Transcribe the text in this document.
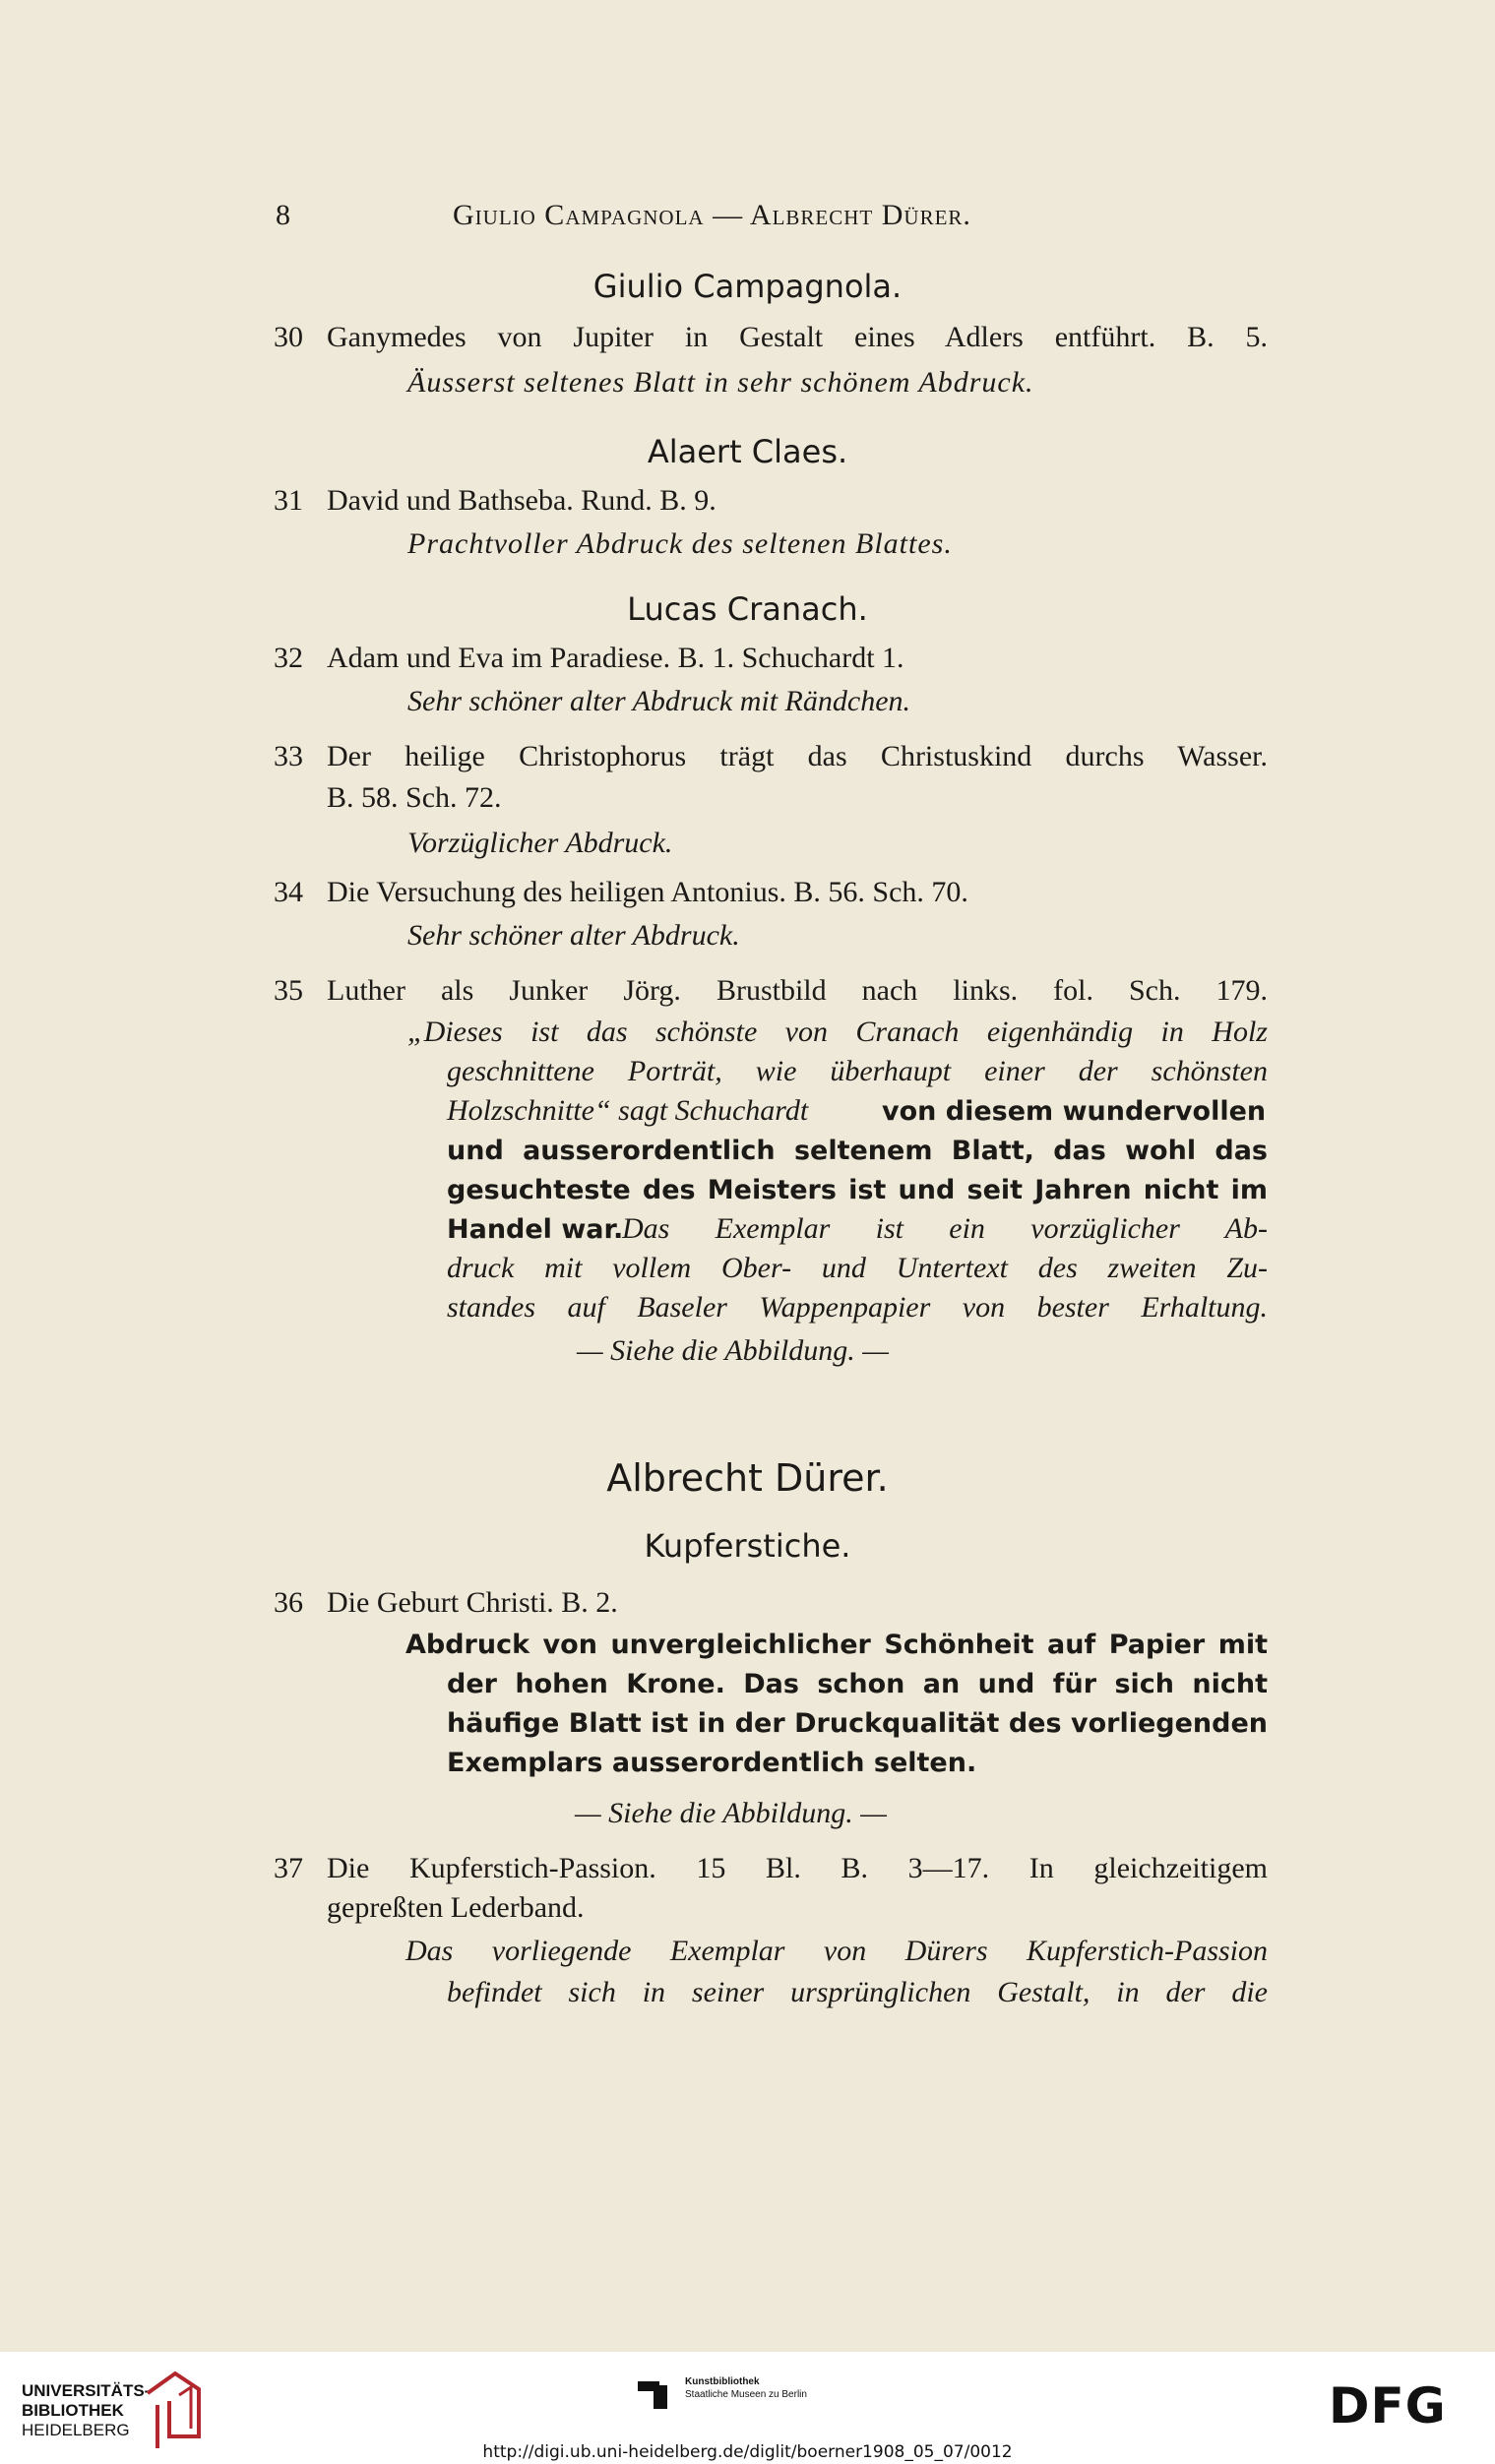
8	Giulio Campagnola — Albrecht Dürer.
Giulio Campagnola.
30 Ganymedes von Jupiter in Gestalt eines Adlers entführt. B. 5.
Äusserst seltenes Blatt in sehr schönem Abdruck.
Alaert Claes.
31 David und Bathseba. Rund. B. 9.
Prachtvoller Abdruck des seltenen Blattes.
Lucas Cranach.
32 Adam und Eva im Paradiese. B. 1. Schuchardt 1.
Sehr schöner alter Abdruck mit Rändchen.
33 Der heilige Christophorus trägt das Christuskind durchs Wasser.
B. 58. Sch. 72.
Vorzüglicher Abdruck.
34 Die Versuchung des heiligen Antonius. B. 56. Sch. 70.
Sehr schöner alter Abdruck.
35 Luther als Junker Jörg. Brustbild nach links. fol. Sch. 179.
„Dieses ist das schönste von Cranach eigenhändig in Holz
geschnittene Porträt, wie überhaupt einer der schönsten
Holzschnitte“ sagt Schuchardt	von diesem wundervollen
und ausserordentlich seltenem Blatt, das wohl das
gesuchteste des Meisters ist und seit Jahren nicht im
Handel war.
Das Exemplar ist ein vorzüglicher Ab-
druck mit vollem Ober- und Untertext des zweiten Zu-
standes auf Baseler Wappenpapier von bester Erhaltung.
— Siehe die Abbildung. —
Albrecht Dürer.
Kupferstiche.
36 Die Geburt Christi. B. 2.
Abdruck von unvergleichlicher Schönheit auf Papier mit
der hohen Krone. Das schon an und für sich nicht
häufige Blatt ist in der Druckqualität des vorliegenden
Exemplars ausserordentlich selten.
— Siehe die Abbildung. —
37 Die Kupferstich-Passion. 15 Bl. B. 3—17. In gleichzeitigem
gepreßten Lederband.
Das vorliegende Exemplar von Dürers Kupferstich-Passion
befindet sich in seiner ursprünglichen Gestalt, in der die
UNIVERSITÄTS-
BIBLIOTHEK
HEIDELBERG
Kunstbibliothek
Staatliche Museen zu Berlin	DFG
http://digi.ub.uni-heidelberg.de/diglit/boerner1908_05_07/0012
